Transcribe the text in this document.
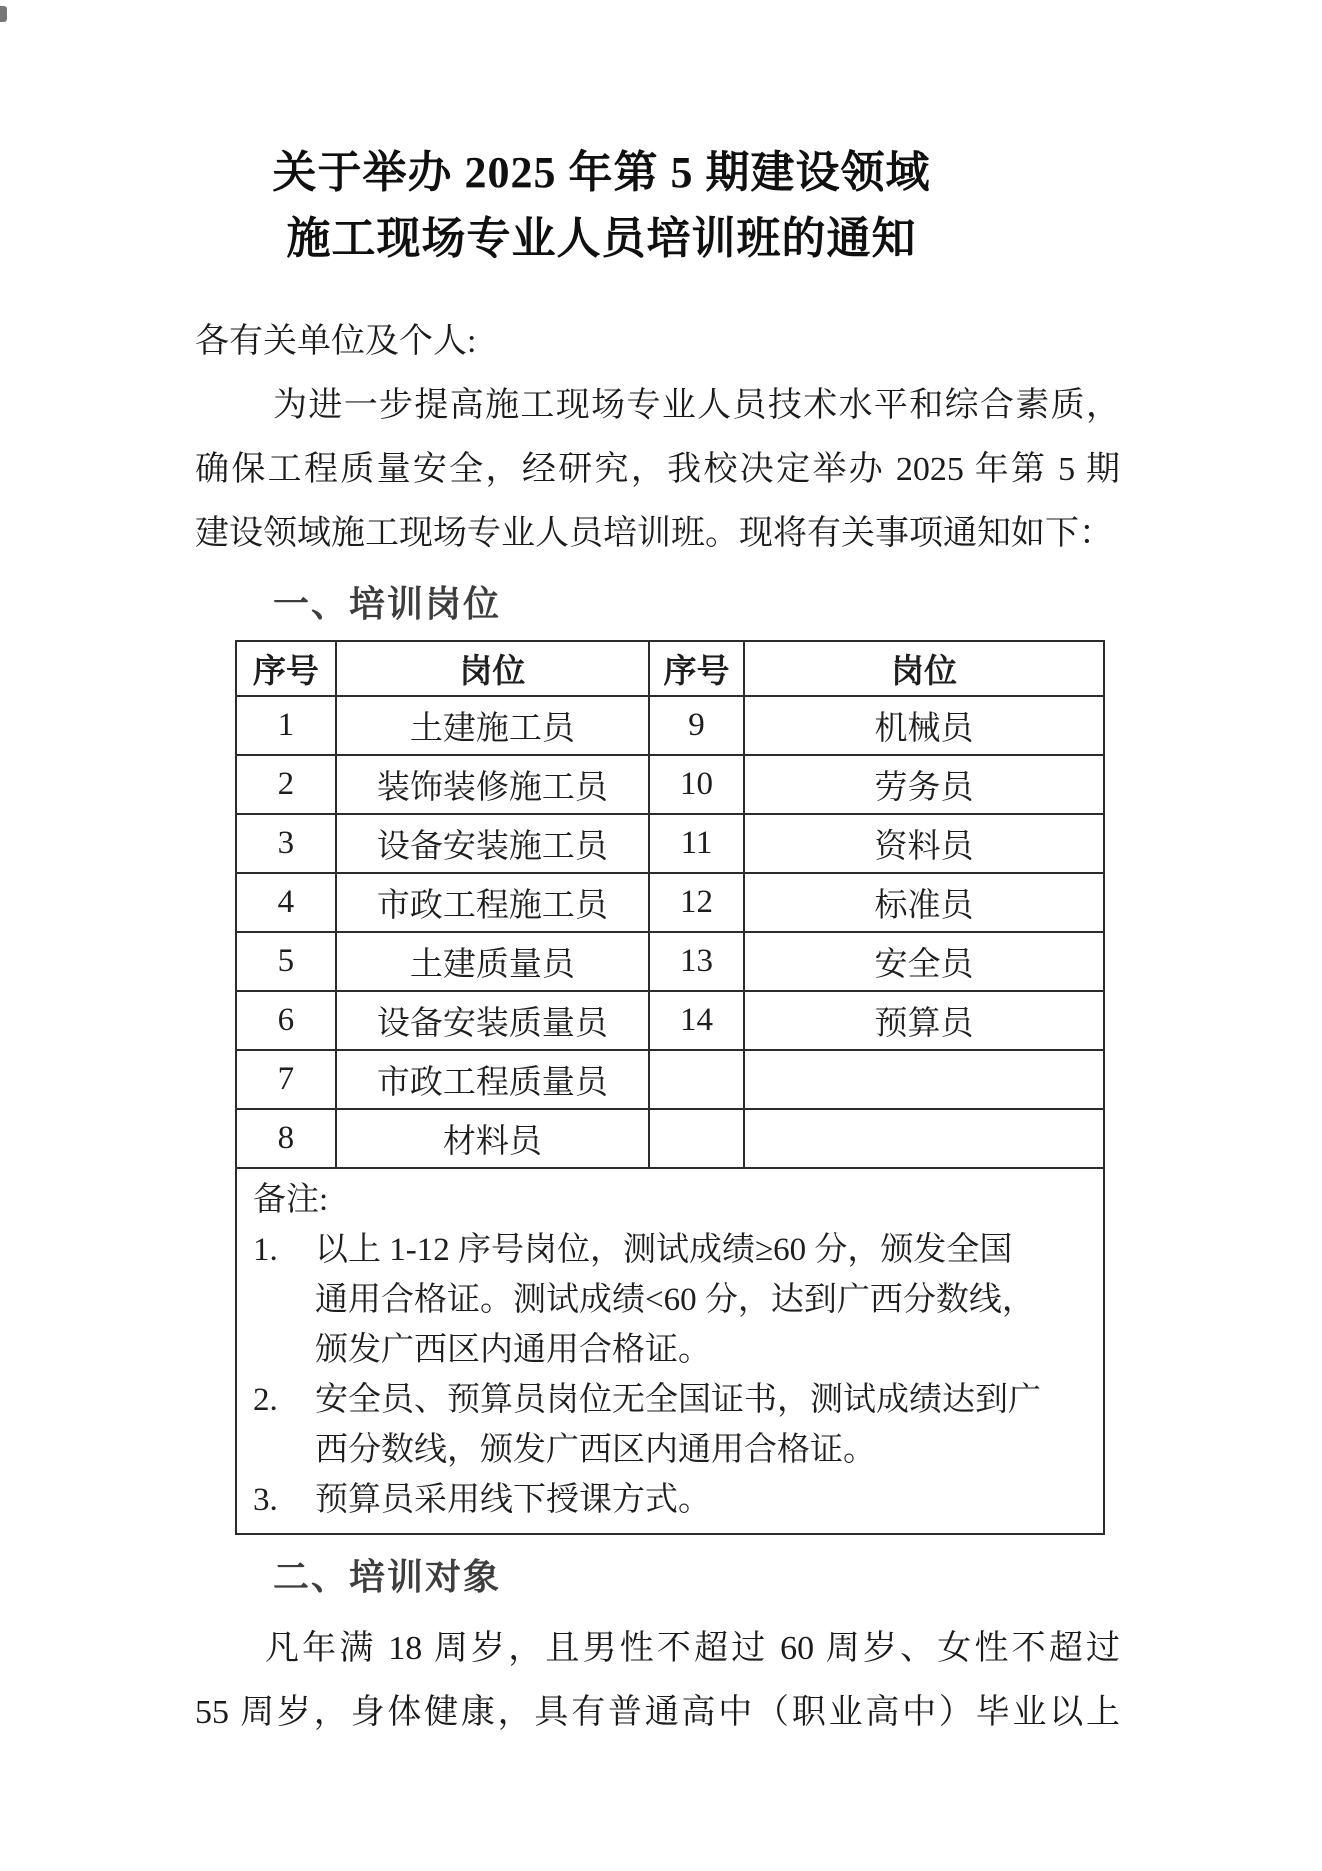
关于举办 2025 年第 5 期建设领域
施工现场专业人员培训班的通知
各有关单位及个人:
为进一步提高施工现场专业人员技术水平和综合素质，
确保工程质量安全，经研究，我校决定举办 2025 年第 5 期
建设领域施工现场专业人员培训班。现将有关事项通知如下：
一、培训岗位
序号	岗位	序号	岗位
1	土建施工员	9	机械员
2	装饰装修施工员	10	劳务员
3	设备安装施工员	11	资料员
4	市政工程施工员	12	标准员
5	土建质量员	13	安全员
6	设备安装质量员	14	预算员
7	市政工程质量员		
8	材料员		

备注:
1.	以上 1-12 序号岗位，测试成绩≥60 分，颁发全国
通用合格证。测试成绩<60 分，达到广西分数线，
颁发广西区内通用合格证。
2.	安全员、预算员岗位无全国证书，测试成绩达到广
西分数线，颁发广西区内通用合格证。
3.	预算员采用线下授课方式。
二、培训对象
凡年满 18 周岁，且男性不超过 60 周岁、女性不超过
55 周岁，身体健康，具有普通高中（职业高中）毕业以上
